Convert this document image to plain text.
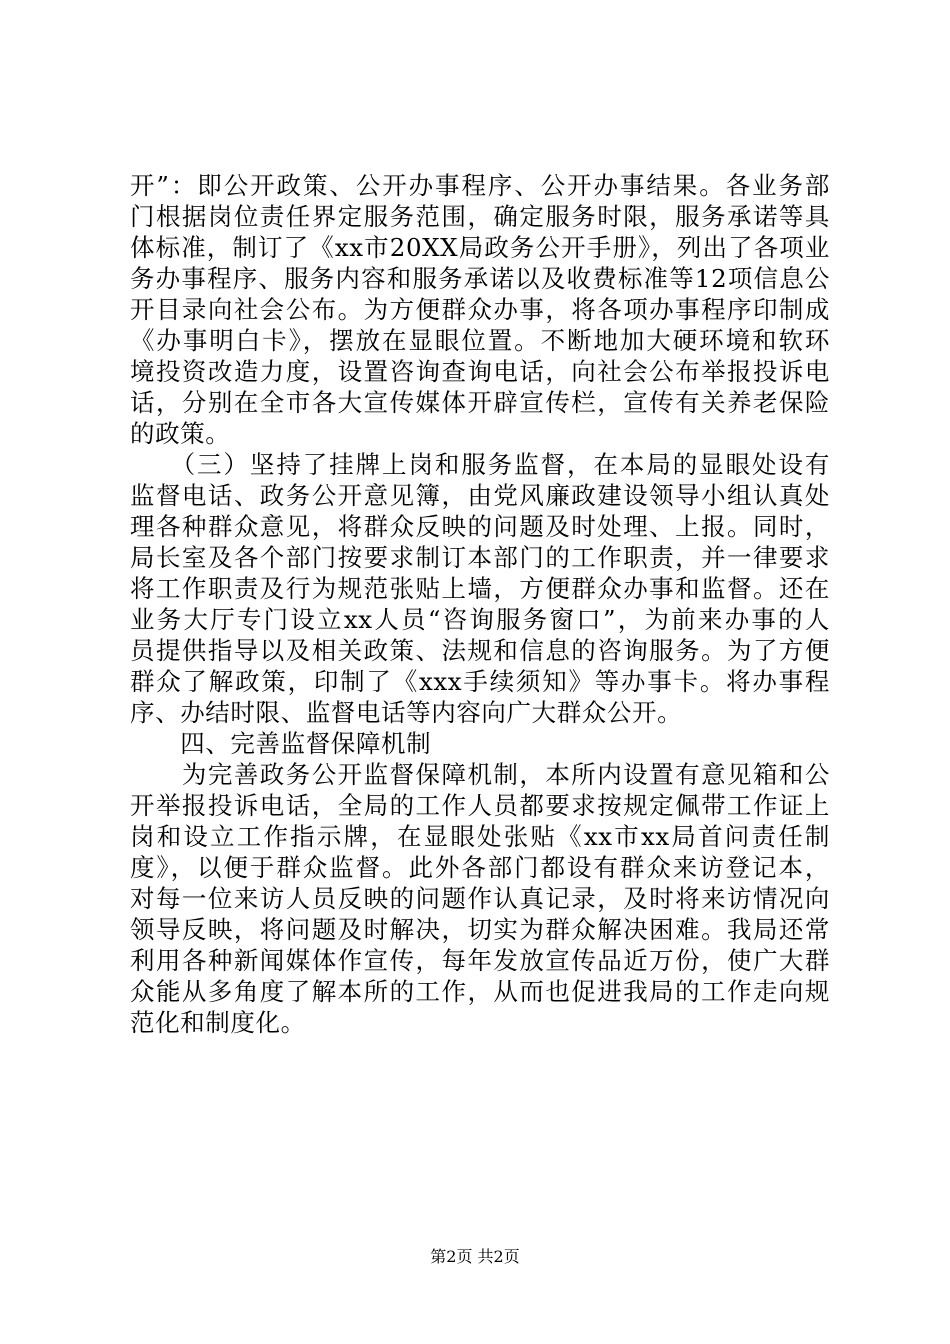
开”：即公开政策、公开办事程序、公开办事结果。各业务部
门根据岗位责任界定服务范围，确定服务时限，服务承诺等具
体标准，制订了《xx市20XX局政务公开手册》，列出了各项业
务办事程序、服务内容和服务承诺以及收费标准等12项信息公
开目录向社会公布。为方便群众办事，将各项办事程序印制成
《办事明白卡》，摆放在显眼位置。不断地加大硬环境和软环
境投资改造力度，设置咨询查询电话，向社会公布举报投诉电
话，分别在全市各大宣传媒体开辟宣传栏，宣传有关养老保险
的政策。
　　（三）坚持了挂牌上岗和服务监督，在本局的显眼处设有
监督电话、政务公开意见簿，由党风廉政建设领导小组认真处
理各种群众意见，将群众反映的问题及时处理、上报。同时，
局长室及各个部门按要求制订本部门的工作职责，并一律要求
将工作职责及行为规范张贴上墙，方便群众办事和监督。还在
业务大厅专门设立xx人员“咨询服务窗口”，为前来办事的人
员提供指导以及相关政策、法规和信息的咨询服务。为了方便
群众了解政策，印制了《xxx手续须知》等办事卡。将办事程
序、办结时限、监督电话等内容向广大群众公开。
　　四、完善监督保障机制
　　为完善政务公开监督保障机制，本所内设置有意见箱和公
开举报投诉电话，全局的工作人员都要求按规定佩带工作证上
岗和设立工作指示牌，在显眼处张贴《xx市xx局首问责任制
度》，以便于群众监督。此外各部门都设有群众来访登记本，
对每一位来访人员反映的问题作认真记录，及时将来访情况向
领导反映，将问题及时解决，切实为群众解决困难。我局还常
利用各种新闻媒体作宣传，每年发放宣传品近万份，使广大群
众能从多角度了解本所的工作，从而也促进我局的工作走向规
范化和制度化。
第2页 共2页
